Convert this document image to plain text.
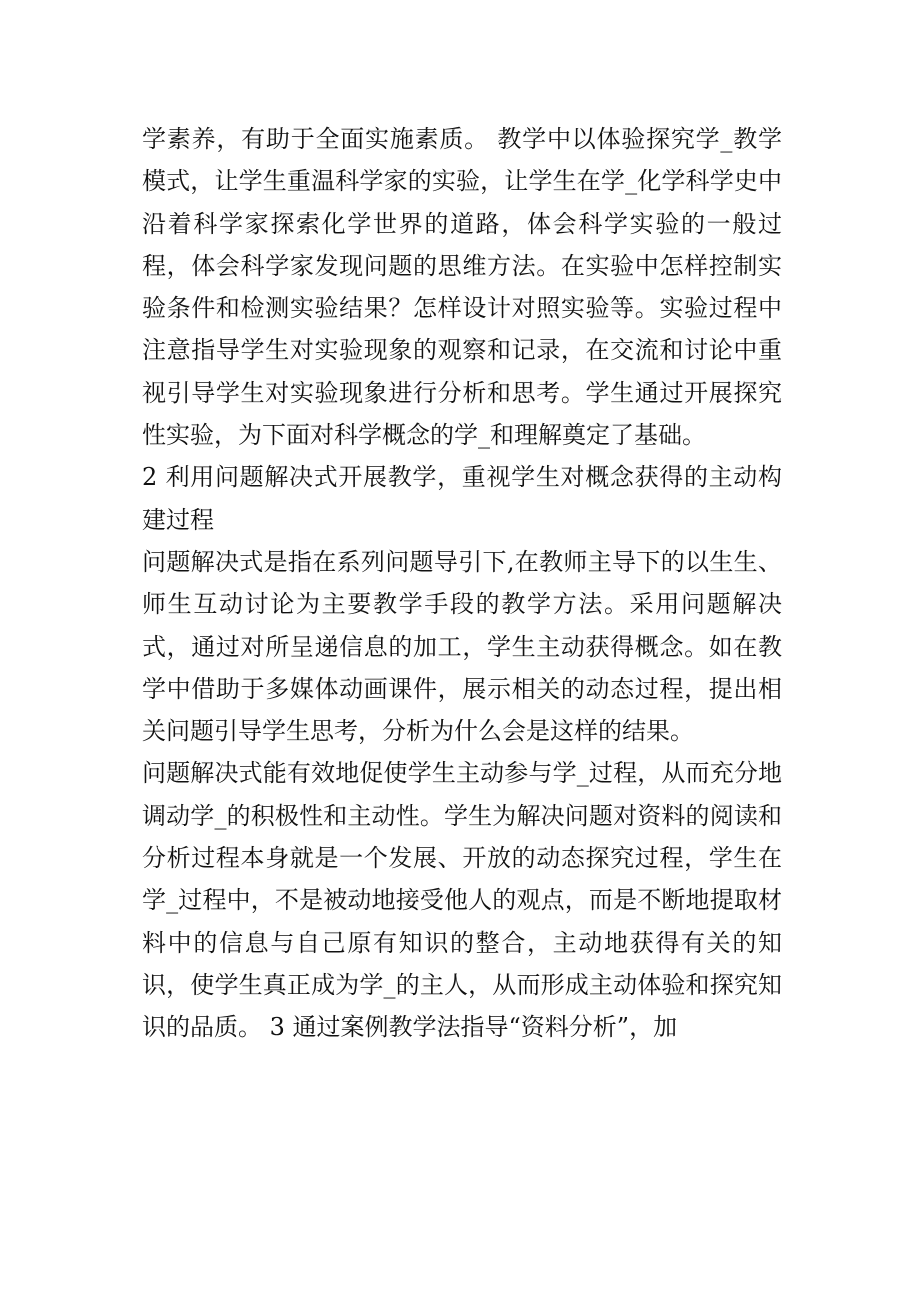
学素养，有助于全面实施素质。 教学中以体验探究学_教学模式，让学生重温科学家的实验，让学生在学_化学科学史中沿着科学家探索化学世界的道路，体会科学实验的一般过程，体会科学家发现问题的思维方法。在实验中怎样控制实验条件和检测实验结果？怎样设计对照实验等。实验过程中注意指导学生对实验现象的观察和记录，在交流和讨论中重视引导学生对实验现象进行分析和思考。学生通过开展探究性实验，为下面对科学概念的学_和理解奠定了基础。

2 利用问题解决式开展教学，重视学生对概念获得的主动构建过程

问题解决式是指在系列问题导引下,在教师主导下的以生生、师生互动讨论为主要教学手段的教学方法。采用问题解决式，通过对所呈递信息的加工，学生主动获得概念。如在教学中借助于多媒体动画课件，展示相关的动态过程，提出相关问题引导学生思考，分析为什么会是这样的结果。

问题解决式能有效地促使学生主动参与学_过程，从而充分地调动学_的积极性和主动性。学生为解决问题对资料的阅读和分析过程本身就是一个发展、开放的动态探究过程，学生在学_过程中，不是被动地接受他人的观点，而是不断地提取材料中的信息与自己原有知识的整合，主动地获得有关的知识，使学生真正成为学_的主人，从而形成主动体验和探究知识的品质。 3 通过案例教学法指导“资料分析”，加
